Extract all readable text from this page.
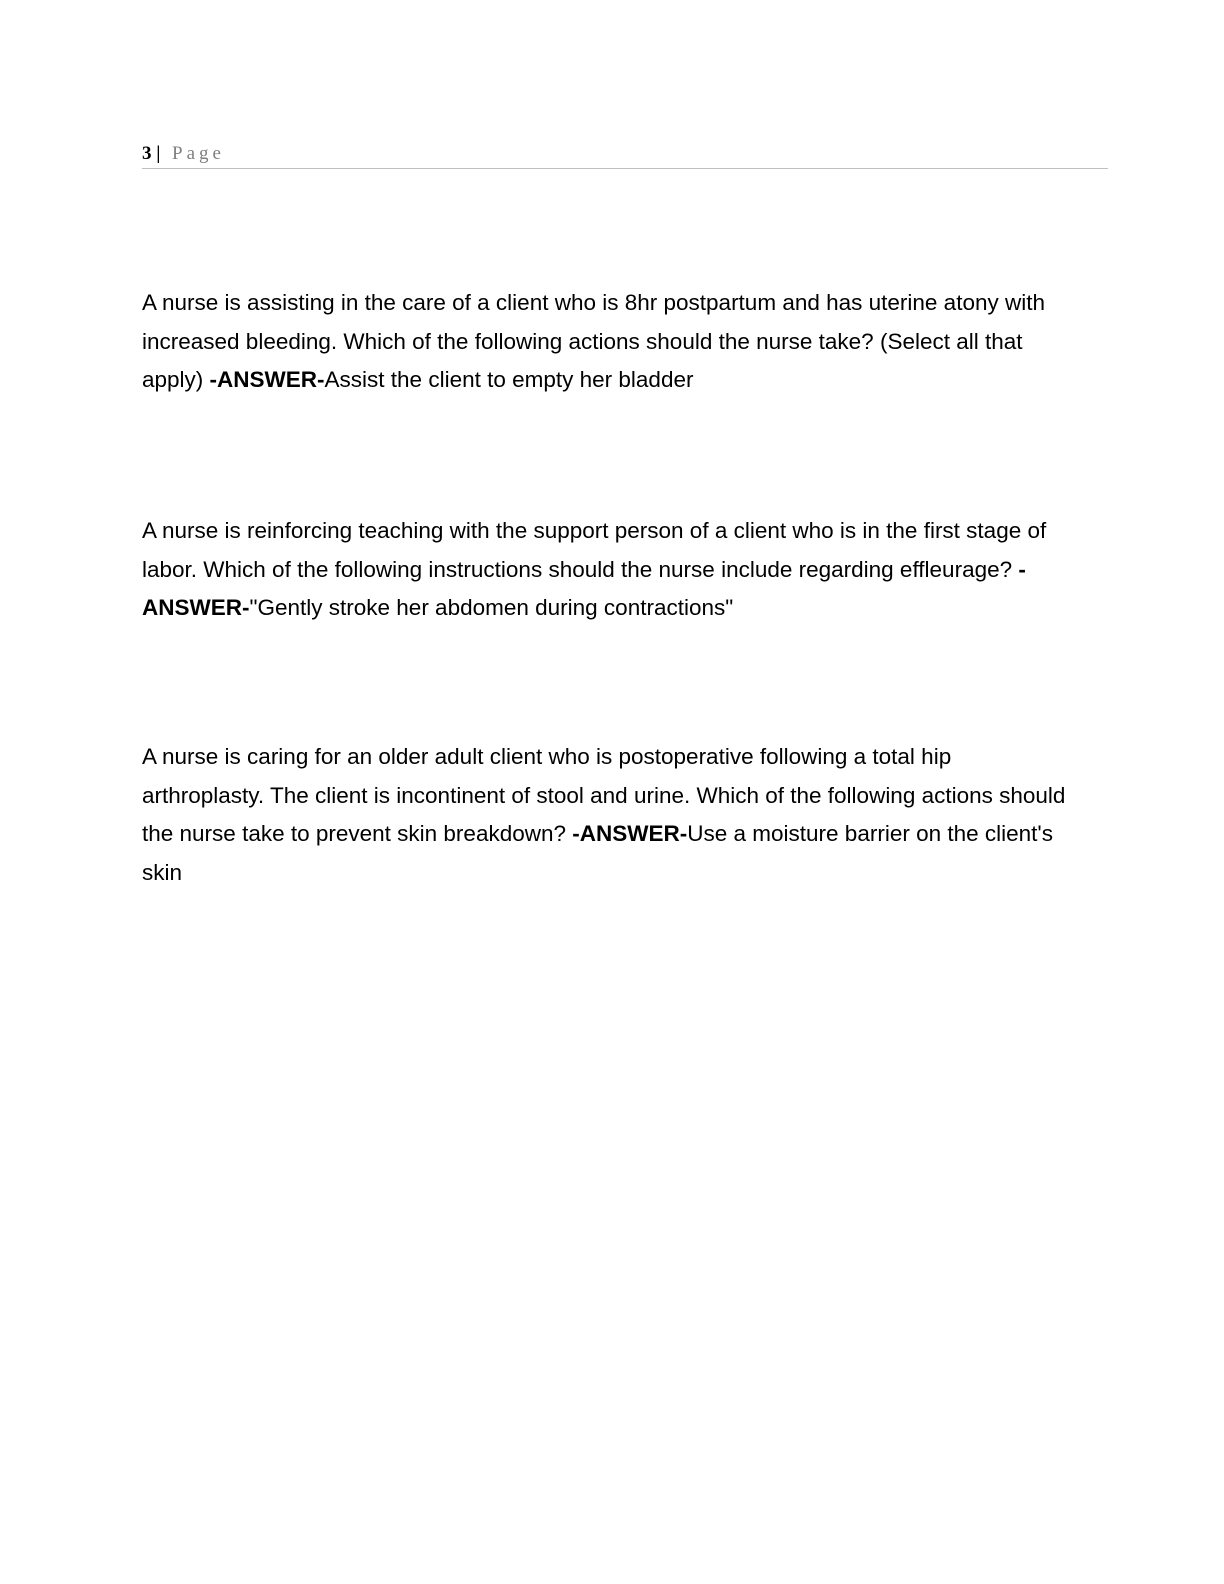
3 | Page
A nurse is assisting in the care of a client who is 8hr postpartum and has uterine atony with increased bleeding. Which of the following actions should the nurse take? (Select all that apply) -ANSWER-Assist the client to empty her bladder
A nurse is reinforcing teaching with the support person of a client who is in the first stage of labor. Which of the following instructions should the nurse include regarding effleurage? -ANSWER-"Gently stroke her abdomen during contractions"
A nurse is caring for an older adult client who is postoperative following a total hip arthroplasty. The client is incontinent of stool and urine. Which of the following actions should the nurse take to prevent skin breakdown? -ANSWER-Use a moisture barrier on the client's skin
